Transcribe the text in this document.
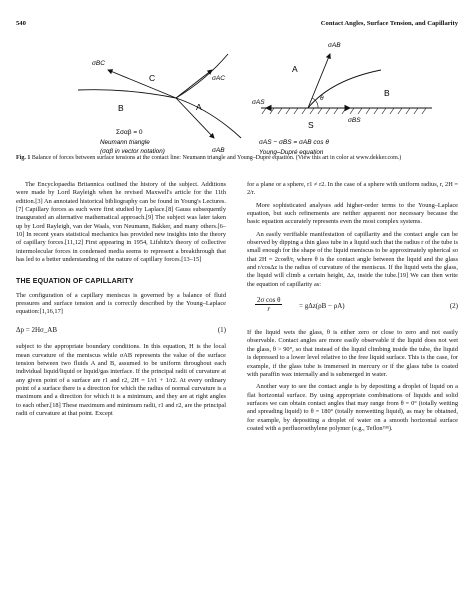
540	Contact Angles, Surface Tension, and Capillarity
σBC
σAC
σAB
C
B	A
Σσαβ = 0
Neumann triangle
(σαβ in vector notation)
σAB
A
θ
σAS
σBS
B
S
σAS − σBS = σAB cos θ
Young–Dupré equation
Fig. 1 Balance of forces between surface tensions at the contact line: Neumann triangle and Young–Dupré equation. (View this art in color at www.dekker.com.)

The Encyclopaedia Britannica outlined the history of the subject. Additions were made by Lord Rayleigh when he revised Maxwell's article for the 11th edition.[3] An annotated historical bibliography can be found in Young's Lectures.[7] Capillary forces as such were first studied by Laplace.[8] Gauss subsequently inaugurated an alternative mathematical approach.[9] The subject was later taken up by Lord Rayleigh, van der Waals, von Neumann, Bakker, and many others.[6–10] In recent years statistical mechanics has provided new insights into the theory of capillary forces.[11,12] First appearing in 1954, Lifshitz's theory of collective intermolecular forces in condensed media seems to represent a breakthrough that has led to a better understanding of the nature of capillary forces.[13–15]

THE EQUATION OF CAPILLARITY

The configuration of a capillary meniscus is governed by a balance of fluid pressures and surface tension and is correctly described by the Young–Laplace equation:[1,16,17]

Δp = 2Hσ_AB	(1)

subject to the appropriate boundary conditions. In this equation, H is the local mean curvature of the meniscus while σAB represents the value of the surface tension between two fluids A and B, assumed to be uniform throughout each individual liquid/liquid or liquid/gas interface. If the principal radii of curvature at any given point of a surface are r1 and r2, 2H = 1/r1 + 1/r2. At every ordinary point of a surface there is a direction for which the radius of normal curvature is a maximum and a direction for which it is a minimum, and they are at right angles to each other.[18] These maximum and minimum radii, r1 and r2, are the principal radii of curvature at that point. Except

for a plane or a sphere, r1 ≠ r2. In the case of a sphere with uniform radius, r, 2H = 2/r.

More sophisticated analyses add higher-order terms to the Young–Laplace equation, but such refinements are neither apparent nor necessary because the basic equation accurately represents even the most complex systems.

An easily verifiable manifestation of capillarity and the contact angle can be observed by dipping a thin glass tube in a liquid such that the radius r of the tube is small enough for the shape of the liquid meniscus to be approximately spherical so that 2H = 2cosθ/r, where θ is the contact angle between the liquid and the glass and r/cosΔz is the radius of curvature of the meniscus. If the liquid wets the glass, the liquid will climb a certain height, Δz, inside the tube.[19] We can then write the equation of capillarity as:

$\frac{\text{2σ cos θ}}{r} = g\Delta z(\rho B - \rho A)$	(2)

If the liquid wets the glass, θ is either zero or close to zero and not easily observable. Contact angles are more easily observable if the liquid does not wet the glass, θ > 90°, so that instead of the liquid climbing inside the tube, the liquid is depressed to a lower level relative to the free liquid surface. This is the case, for example, if the glass tube is immersed in mercury or if the glass tube is coated with paraffin wax internally and is submerged in water.

Another way to see the contact angle is by depositing a droplet of liquid on a flat horizontal surface. By using appropriate combinations of liquids and solid surfaces we can obtain contact angles that may range from θ = 0° (totally wetting and spreading liquid) to θ = 180° (totally nonwetting liquid), as may be obtained, for example, by depositing a droplet of water on a smooth horizontal surface coated with a perfluoroethylene polymer (e.g., Teflon™).
